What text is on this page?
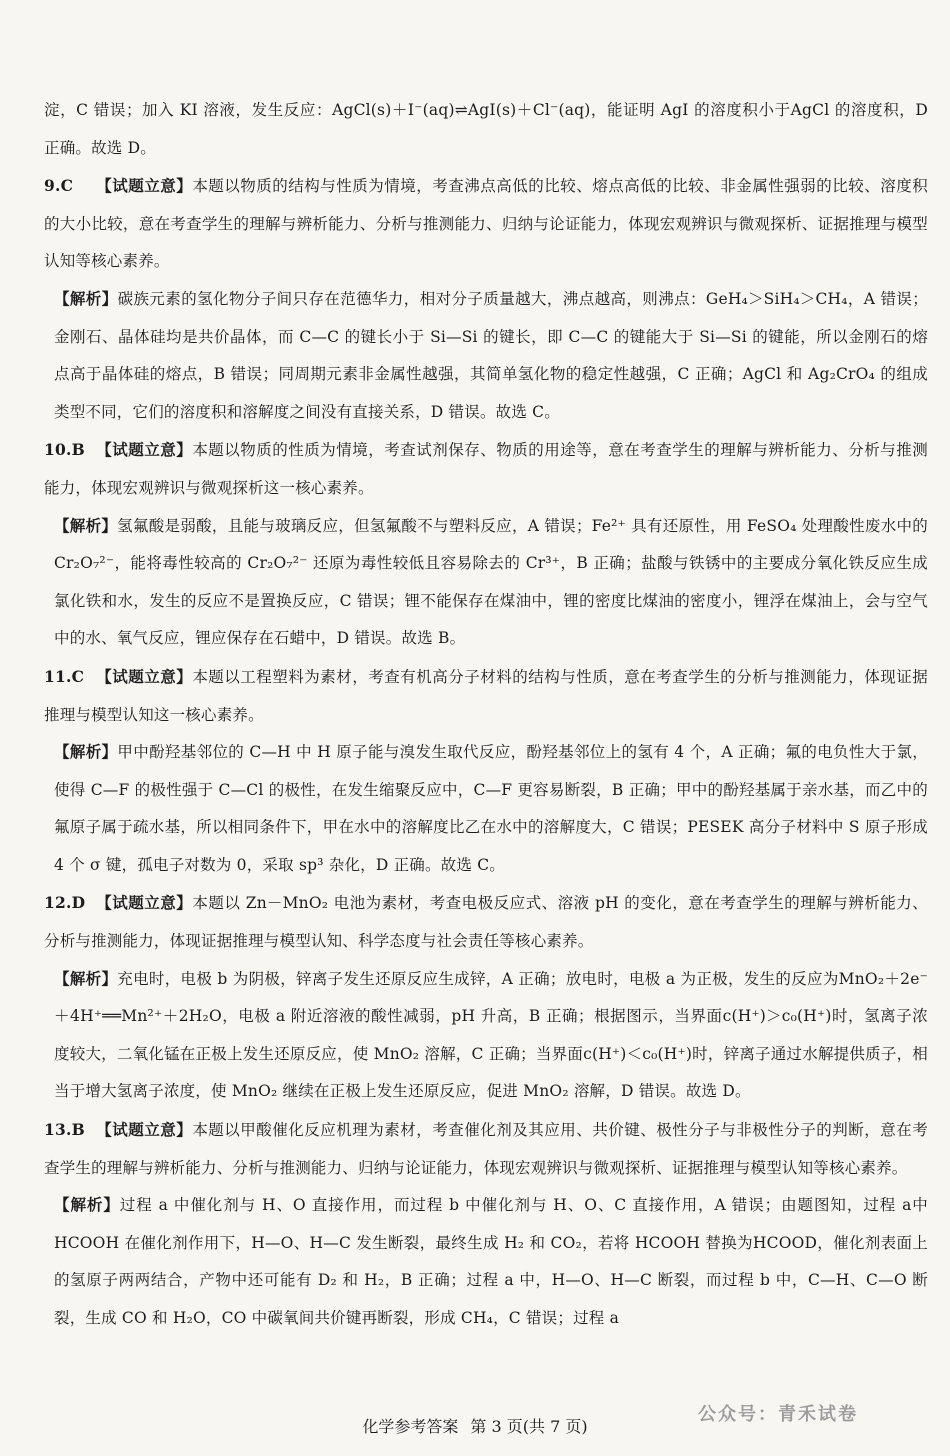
淀，C 错误；加入 KI 溶液，发生反应：AgCl(s)＋I⁻(aq)⇌AgI(s)＋Cl⁻(aq)，能证明 AgI 的溶度积小于AgCl 的溶度积，D 正确。故选 D。

9.C 【试题立意】本题以物质的结构与性质为情境，考查沸点高低的比较、熔点高低的比较、非金属性强弱的比较、溶度积的大小比较，意在考查学生的理解与辨析能力、分析与推测能力、归纳与论证能力，体现宏观辨识与微观探析、证据推理与模型认知等核心素养。

【解析】碳族元素的氢化物分子间只存在范德华力，相对分子质量越大，沸点越高，则沸点：GeH₄＞SiH₄＞CH₄，A 错误；金刚石、晶体硅均是共价晶体，而 C—C 的键长小于 Si—Si 的键长，即 C—C 的键能大于 Si—Si 的键能，所以金刚石的熔点高于晶体硅的熔点，B 错误；同周期元素非金属性越强，其简单氢化物的稳定性越强，C 正确；AgCl 和 Ag₂CrO₄ 的组成类型不同，它们的溶度积和溶解度之间没有直接关系，D 错误。故选 C。

10.B 【试题立意】本题以物质的性质为情境，考查试剂保存、物质的用途等，意在考查学生的理解与辨析能力、分析与推测能力，体现宏观辨识与微观探析这一核心素养。

【解析】氢氟酸是弱酸，且能与玻璃反应，但氢氟酸不与塑料反应，A 错误；Fe²⁺ 具有还原性，用 FeSO₄ 处理酸性废水中的 Cr₂O₇²⁻，能将毒性较高的 Cr₂O₇²⁻ 还原为毒性较低且容易除去的 Cr³⁺，B 正确；盐酸与铁锈中的主要成分氧化铁反应生成氯化铁和水，发生的反应不是置换反应，C 错误；锂不能保存在煤油中，锂的密度比煤油的密度小，锂浮在煤油上，会与空气中的水、氧气反应，锂应保存在石蜡中，D 错误。故选 B。

11.C 【试题立意】本题以工程塑料为素材，考查有机高分子材料的结构与性质，意在考查学生的分析与推测能力，体现证据推理与模型认知这一核心素养。

【解析】甲中酚羟基邻位的 C—H 中 H 原子能与溴发生取代反应，酚羟基邻位上的氢有 4 个，A 正确；氟的电负性大于氯，使得 C—F 的极性强于 C—Cl 的极性，在发生缩聚反应中，C—F 更容易断裂，B 正确；甲中的酚羟基属于亲水基，而乙中的氟原子属于疏水基，所以相同条件下，甲在水中的溶解度比乙在水中的溶解度大，C 错误；PESEK 高分子材料中 S 原子形成 4 个 σ 键，孤电子对数为 0，采取 sp³ 杂化，D 正确。故选 C。

12.D 【试题立意】本题以 Zn－MnO₂ 电池为素材，考查电极反应式、溶液 pH 的变化，意在考查学生的理解与辨析能力、分析与推测能力，体现证据推理与模型认知、科学态度与社会责任等核心素养。

【解析】充电时，电极 b 为阴极，锌离子发生还原反应生成锌，A 正确；放电时，电极 a 为正极，发生的反应为MnO₂＋2e⁻＋4H⁺══Mn²⁺＋2H₂O，电极 a 附近溶液的酸性减弱，pH 升高，B 正确；根据图示，当界面c(H⁺)＞c₀(H⁺)时，氢离子浓度较大，二氧化锰在正极上发生还原反应，使 MnO₂ 溶解，C 正确；当界面c(H⁺)＜c₀(H⁺)时，锌离子通过水解提供质子，相当于增大氢离子浓度，使 MnO₂ 继续在正极上发生还原反应，促进 MnO₂ 溶解，D 错误。故选 D。

13.B 【试题立意】本题以甲酸催化反应机理为素材，考查催化剂及其应用、共价键、极性分子与非极性分子的判断，意在考查学生的理解与辨析能力、分析与推测能力、归纳与论证能力，体现宏观辨识与微观探析、证据推理与模型认知等核心素养。

【解析】过程 a 中催化剂与 H、O 直接作用，而过程 b 中催化剂与 H、O、C 直接作用，A 错误；由题图知，过程 a中 HCOOH 在催化剂作用下，H—O、H—C 发生断裂，最终生成 H₂ 和 CO₂，若将 HCOOH 替换为HCOOD，催化剂表面上的氢原子两两结合，产物中还可能有 D₂ 和 H₂，B 正确；过程 a 中，H—O、H—C 断裂，而过程 b 中，C—H、C—O 断裂，生成 CO 和 H₂O，CO 中碳氧间共价键再断裂，形成 CH₄，C 错误；过程 a

化学参考答案 第 3 页(共 7 页)
公众号：青禾试卷
